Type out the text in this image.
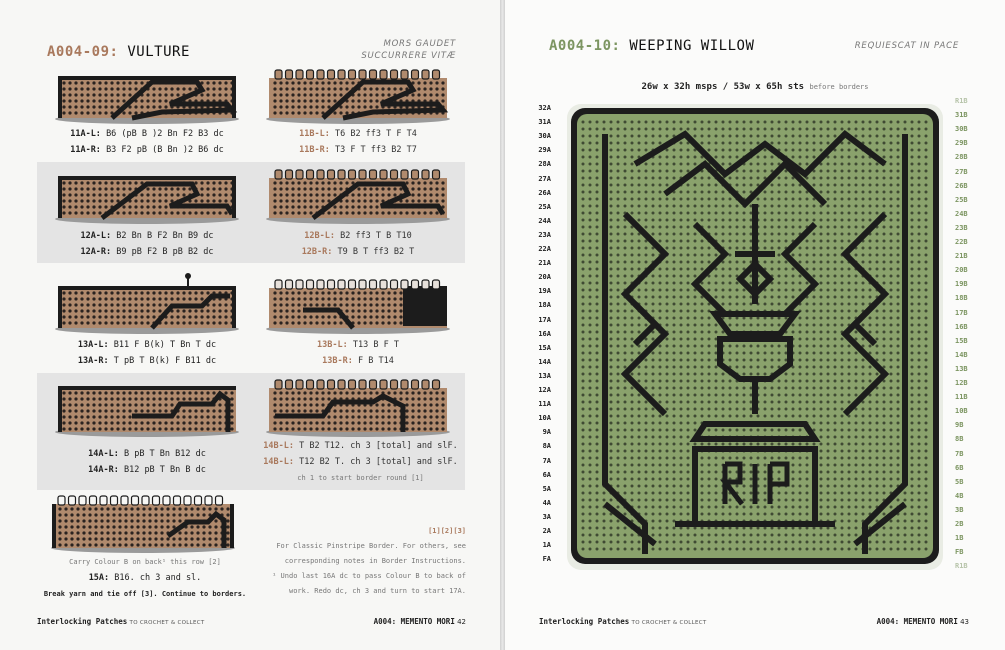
A004-09: VULTURE	MORS GAUDET
SUCCURRERE VITÆ
11A-L: B6 (pB B )2 Bn F2 B3 dc
11A-R: B3 F2 pB (B Bn )2 B6 dc
11B-L: T6 B2 ff3 T F T4
11B-R: T3 F T ff3 B2 T7
12A-L: B2 Bn B F2 Bn B9 dc
12A-R: B9 pB F2 B pB B2 dc
12B-L: B2 ff3 T B T10
12B-R: T9 B T ff3 B2 T
13A-L: B11 F B(k) T Bn T dc
13A-R: T pB T B(k) F B11 dc
13B-L: T13 B F T
13B-R: F B T14
14A-L: B pB T Bn B12 dc
14A-R: B12 pB T Bn B dc
14B-L: T B2 T12. ch 3 [total] and slF.
14B-L: T12 B2 T. ch 3 [total] and slF.
ch 1 to start border round [1]
Carry Colour B on back¹ this row [2]
15A: B16. ch 3 and sl.
Break yarn and tie off [3]. Continue to borders.
[1][2][3]
For Classic Pinstripe Border. For others, see
corresponding notes in Border Instructions.
¹ Undo last 16A dc to pass Colour B to back of
work. Redo dc, ch 3 and turn to start 17A.
Interlocking Patches TO CROCHET & COLLECT	A004: MEMENTO MORI 42
A004-10: WEEPING WILLOW	REQUIESCAT IN PACE
26w x 32h msps / 53w x 65h sts before borders
32A
31A
30A
29A
28A
27A
26A
25A
24A
23A
22A
21A
20A
19A
18A
17A
16A
15A
14A
13A
12A
11A
10A
9A
8A
7A
6A
5A
4A
3A
2A
1A
FA
R1B
31B
30B
29B
28B
27B
26B
25B
24B
23B
22B
21B
20B
19B
18B
17B
16B
15B
14B
13B
12B
11B
10B
9B
8B
7B
6B
5B
4B
3B
2B
1B
FB
R1B
Interlocking Patches TO CROCHET & COLLECT	A004: MEMENTO MORI 43
